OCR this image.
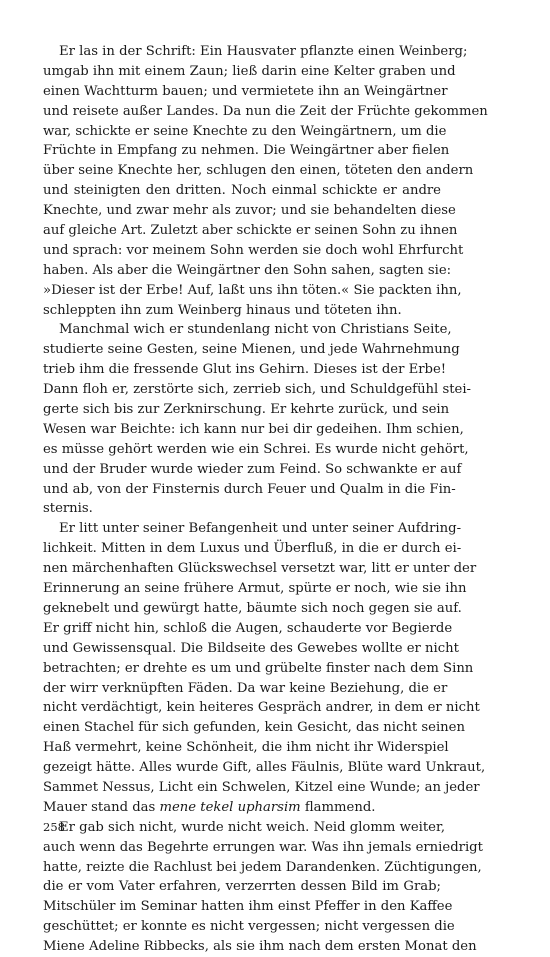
Er las in der Schrift: Ein Hausvater pflanzte einen Weinberg;
umgab ihn mit einem Zaun; ließ darin eine Kelter graben und
einen Wachtturm bauen; und vermietete ihn an Weingärtner
und reisete außer Landes. Da nun die Zeit der Früchte gekommen
war, schickte er seine Knechte zu den Weingärtnern, um die
Früchte in Empfang zu nehmen. Die Weingärtner aber fielen
über seine Knechte her, schlugen den einen, töteten den andern
und steinigten den dritten. Noch einmal schickte er andre
Knechte, und zwar mehr als zuvor; und sie behandelten diese
auf gleiche Art. Zuletzt aber schickte er seinen Sohn zu ihnen
und sprach: vor meinem Sohn werden sie doch wohl Ehrfurcht
haben. Als aber die Weingärtner den Sohn sahen, sagten sie:
»Dieser ist der Erbe! Auf, laßt uns ihn töten.« Sie packten ihn,
schleppten ihn zum Weinberg hinaus und töteten ihn.
Manchmal wich er stundenlang nicht von Christians Seite,
studierte seine Gesten, seine Mienen, und jede Wahrnehmung
trieb ihm die fressende Glut ins Gehirn. Dieses ist der Erbe!
Dann floh er, zerstörte sich, zerrieb sich, und Schuldgefühl stei-
gerte sich bis zur Zerknirschung. Er kehrte zurück, und sein
Wesen war Beichte: ich kann nur bei dir gedeihen. Ihm schien,
es müsse gehört werden wie ein Schrei. Es wurde nicht gehört,
und der Bruder wurde wieder zum Feind. So schwankte er auf
und ab, von der Finsternis durch Feuer und Qualm in die Fin-
sternis.
Er litt unter seiner Befangenheit und unter seiner Aufdring-
lichkeit. Mitten in dem Luxus und Überfluß, in die er durch ei-
nen märchenhaften Glückswechsel versetzt war, litt er unter der
Erinnerung an seine frühere Armut, spürte er noch, wie sie ihn
geknebelt und gewürgt hatte, bäumte sich noch gegen sie auf.
Er griff nicht hin, schloß die Augen, schauderte vor Begierde
und Gewissensqual. Die Bildseite des Gewebes wollte er nicht
betrachten; er drehte es um und grübelte finster nach dem Sinn
der wirr verknüpften Fäden. Da war keine Beziehung, die er
nicht verdächtigt, kein heiteres Gespräch andrer, in dem er nicht
einen Stachel für sich gefunden, kein Gesicht, das nicht seinen
Haß vermehrt, keine Schönheit, die ihm nicht ihr Widerspiel
gezeigt hätte. Alles wurde Gift, alles Fäulnis, Blüte ward Unkraut,
Sammet Nessus, Licht ein Schwelen, Kitzel eine Wunde; an jeder
Mauer stand das mene tekel upharsim flammend.
Er gab sich nicht, wurde nicht weich. Neid glomm weiter,
auch wenn das Begehrte errungen war. Was ihn jemals erniedrigt
hatte, reizte die Rachlust bei jedem Darandenken. Züchtigungen,
die er vom Vater erfahren, verzerrten dessen Bild im Grab;
Mitschüler im Seminar hatten ihm einst Pfeffer in den Kaffee
geschüttet; er konnte es nicht vergessen; nicht vergessen die
Miene Adeline Ribbecks, als sie ihm nach dem ersten Monat den
258
